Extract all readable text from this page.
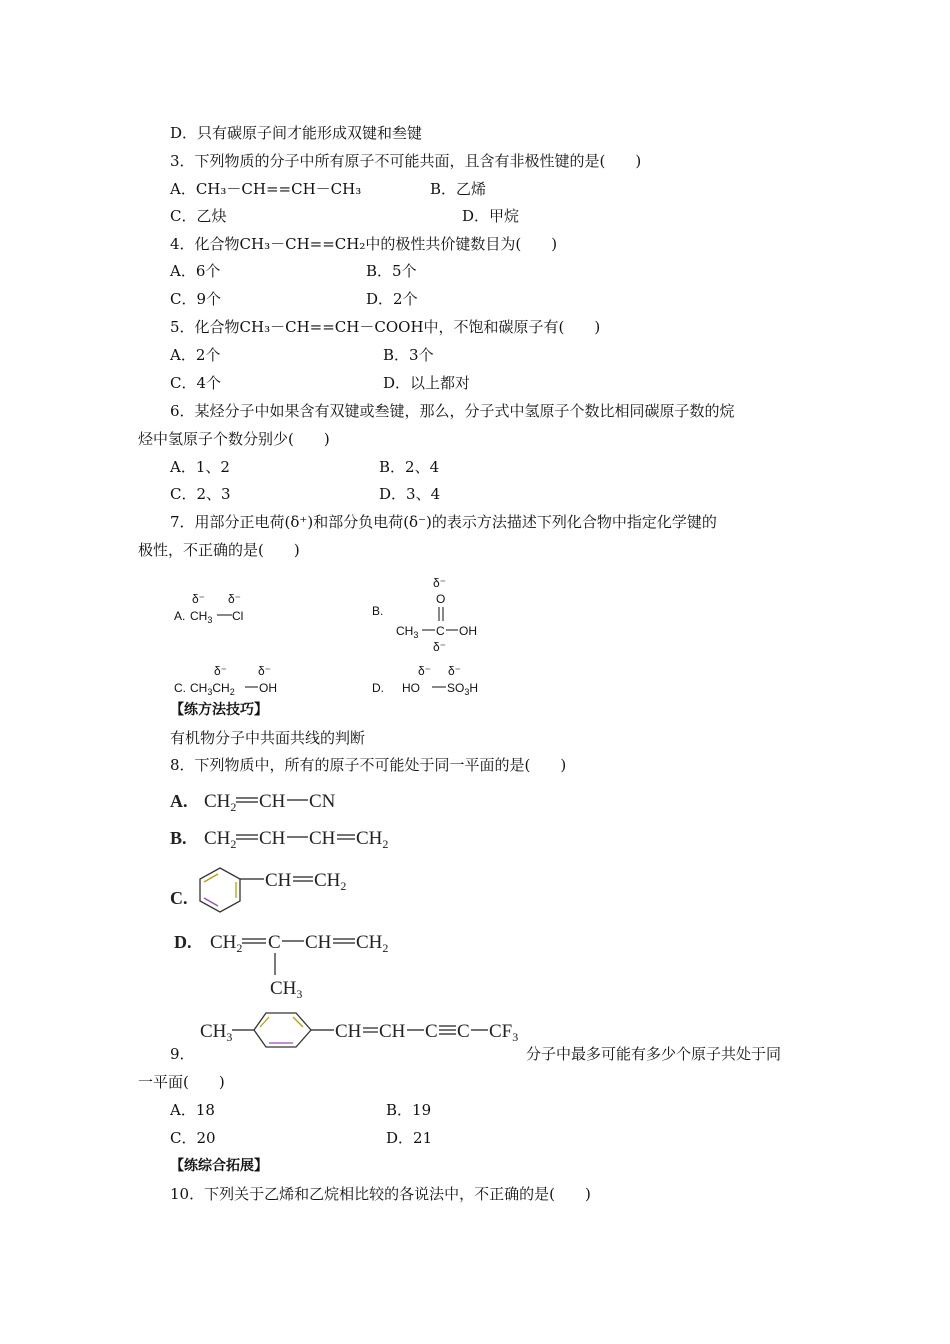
D．只有碳原子间才能形成双键和叁键
3．下列物质的分子中所有原子不可能共面，且含有非极性键的是(　　)
A．CH₃－CH==CH－CH₃	B．乙烯
C．乙炔	D．甲烷
4．化合物CH₃－CH==CH₂中的极性共价键数目为(　　)
A．6个	B．5个
C．9个	D．2个
5．化合物CH₃－CH==CH－COOH中，不饱和碳原子有(　　)
A．2个	B．3个
C．4个	D．以上都对
6．某烃分子中如果含有双键或叁键，那么，分子式中氢原子个数比相同碳原子数的烷
烃中氢原子个数分别少(　　)
A．1、2	B．2、4
C．2、3	D．3、4
7．用部分正电荷(δ⁺)和部分负电荷(δ⁻)的表示方法描述下列化合物中指定化学键的
极性，不正确的是(　　)
δ⁻ δ⁻
A. $CH_3$ Cl
δ⁻
O
B.
$CH_3$ C OH
δ⁻
δ⁻	δ⁻
C. $CH_3CH_2$ OH
δ⁻ δ⁻
D. HO $SO_3H$
【练方法技巧】
有机物分子中共面共线的判断
8．下列物质中，所有的原子不可能处于同一平面的是(　　)
A. $CH_2$ CH CN
B. $CH_2$ CH CH $CH_2$
C.
CH $CH_2$
D. $CH_2$ C CH $CH_2$
$CH_3$
$CH_3$	CH CH C C $CF_3$
9．	分子中最多可能有多少个原子共处于同
一平面(　　)
A．18	B．19
C．20	D．21
【练综合拓展】
10．下列关于乙烯和乙烷相比较的各说法中，不正确的是(　　)
